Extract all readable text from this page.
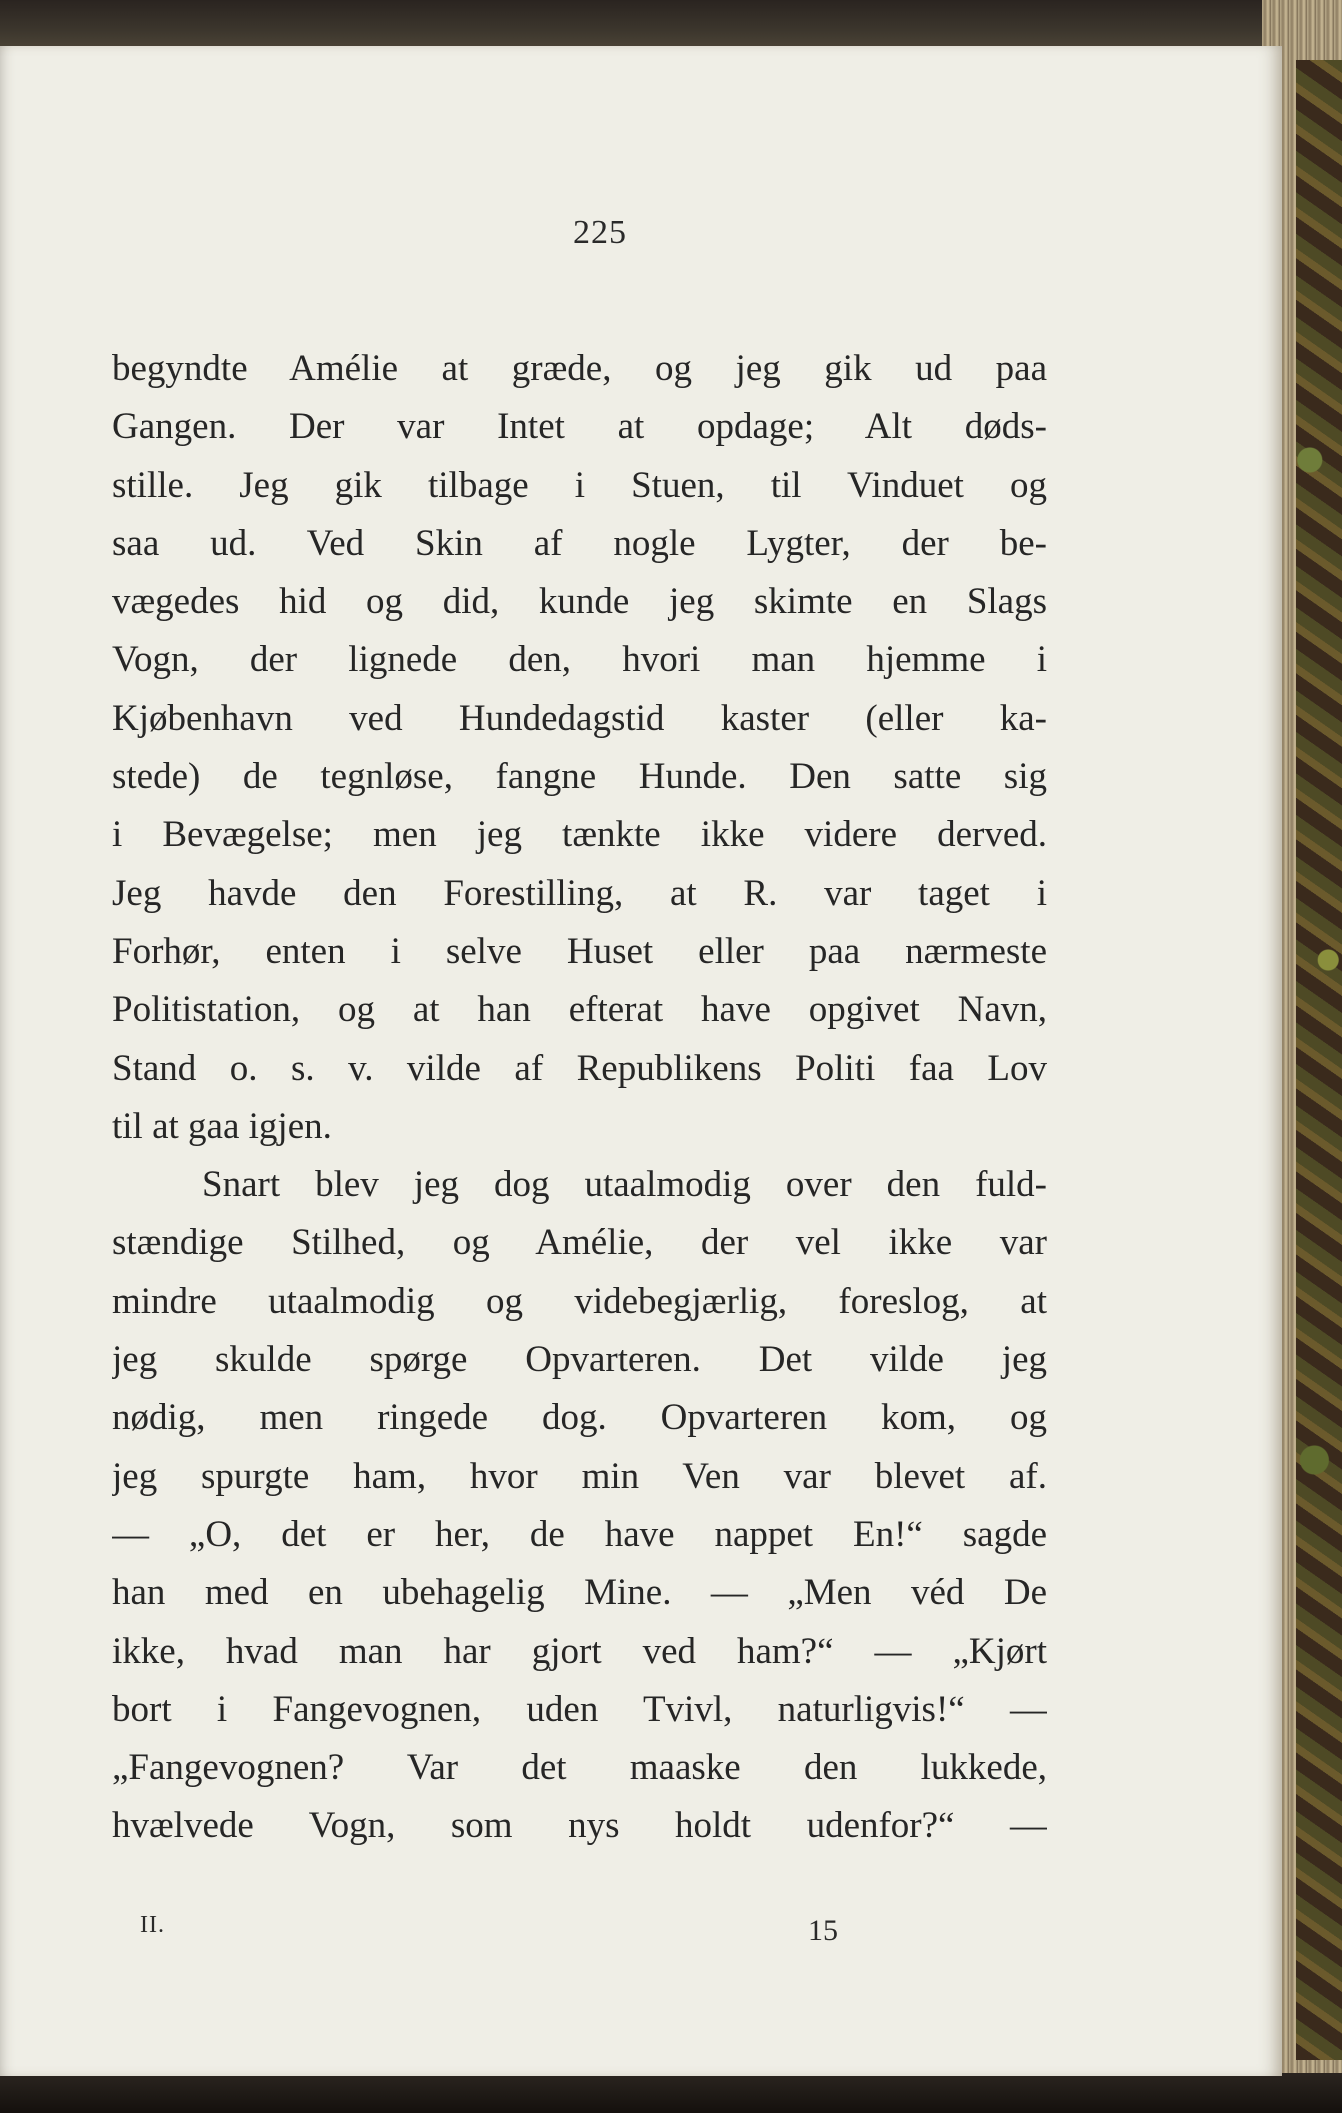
225
begyndte Amélie at græde, og jeg gik ud paa
Gangen. Der var Intet at opdage; Alt døds-
stille. Jeg gik tilbage i Stuen, til Vinduet og
saa ud. Ved Skin af nogle Lygter, der be-
vægedes hid og did, kunde jeg skimte en Slags
Vogn, der lignede den, hvori man hjemme i
Kjøbenhavn ved Hundedagstid kaster (eller ka-
stede) de tegnløse, fangne Hunde. Den satte sig
i Bevægelse; men jeg tænkte ikke videre derved.
Jeg havde den Forestilling, at R. var taget i
Forhør, enten i selve Huset eller paa nærmeste
Politistation, og at han efterat have opgivet Navn,
Stand o. s. v. vilde af Republikens Politi faa Lov
til at gaa igjen.
Snart blev jeg dog utaalmodig over den fuld-
stændige Stilhed, og Amélie, der vel ikke var
mindre utaalmodig og videbegjærlig, foreslog, at
jeg skulde spørge Opvarteren. Det vilde jeg
nødig, men ringede dog. Opvarteren kom, og
jeg spurgte ham, hvor min Ven var blevet af.
— „O, det er her, de have nappet En!“ sagde
han med en ubehagelig Mine. — „Men véd De
ikke, hvad man har gjort ved ham?“ — „Kjørt
bort i Fangevognen, uden Tvivl, naturligvis!“ —
„Fangevognen? Var det maaske den lukkede,
hvælvede Vogn, som nys holdt udenfor?“ —
II.	15
